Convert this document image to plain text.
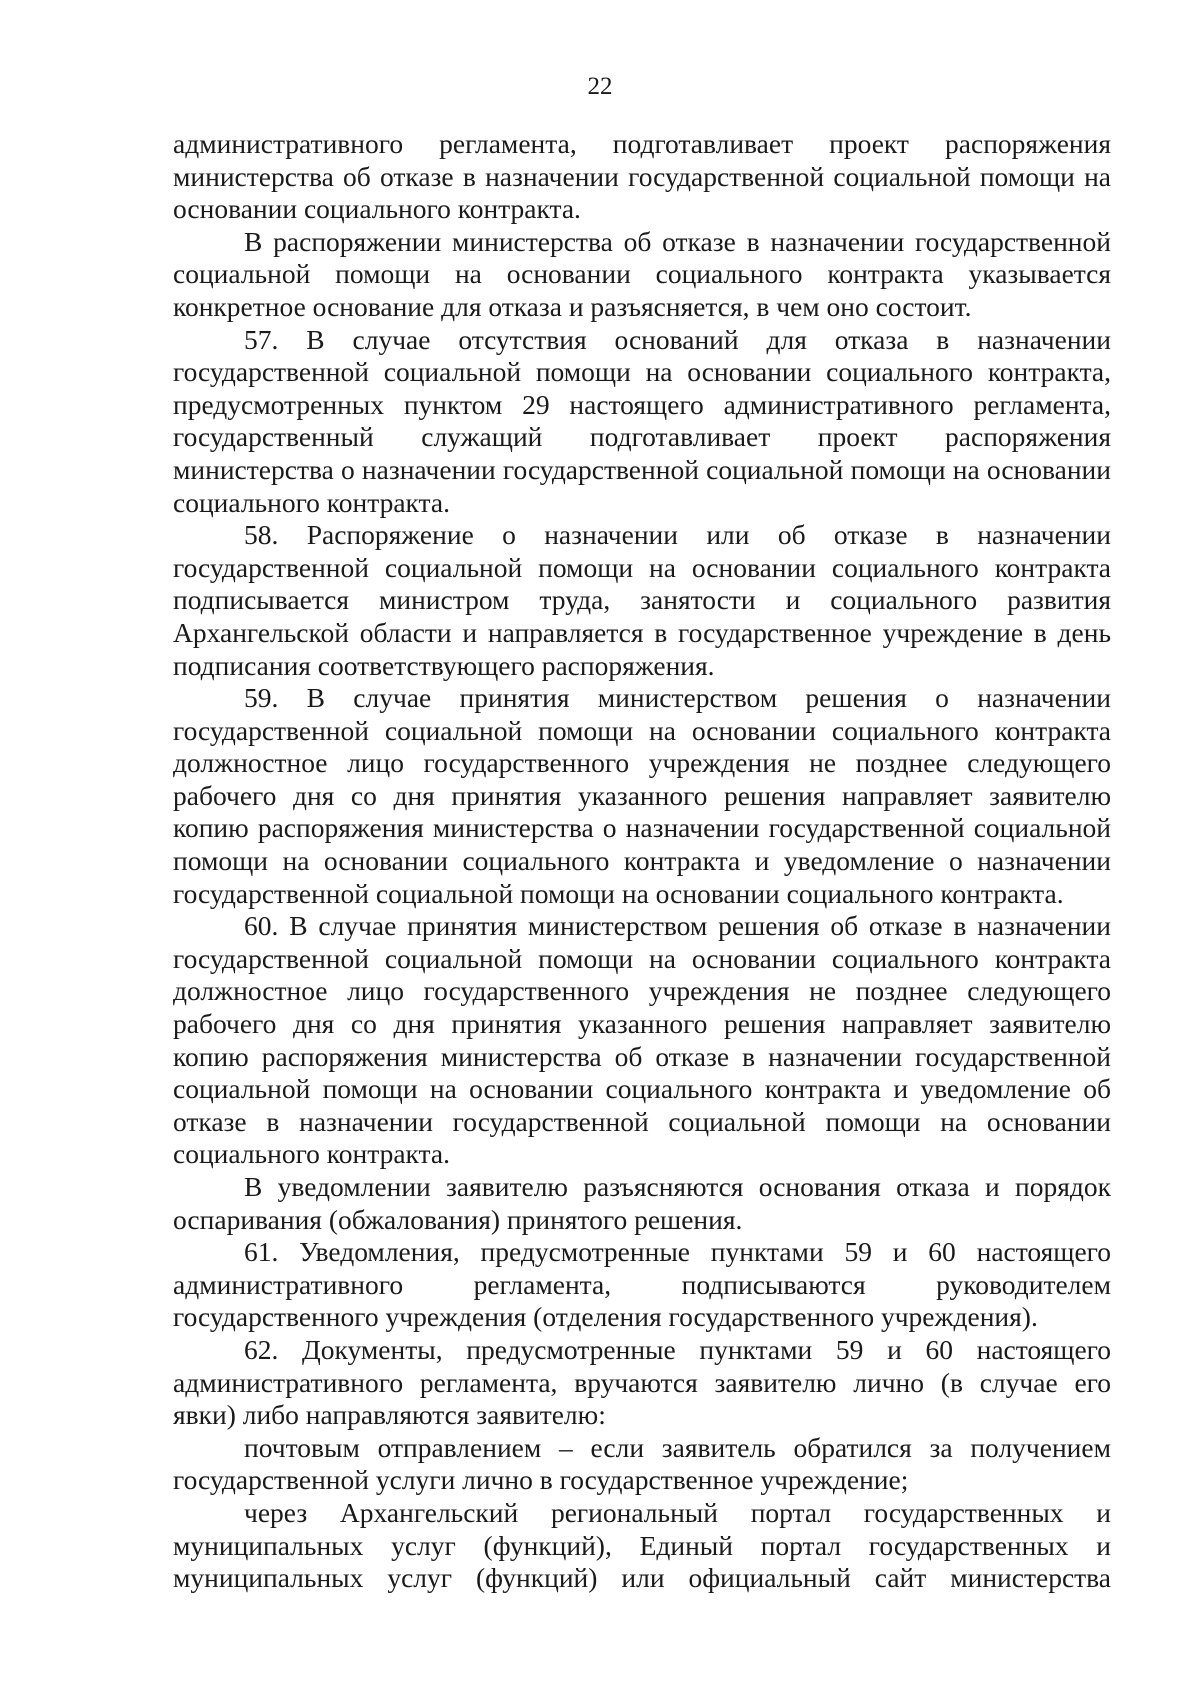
22

административного регламента, подготавливает проект распоряжения министерства об отказе в назначении государственной социальной помощи на основании социального контракта.

В распоряжении министерства об отказе в назначении государственной социальной помощи на основании социального контракта указывается конкретное основание для отказа и разъясняется, в чем оно состоит.

57. В случае отсутствия оснований для отказа в назначении государственной социальной помощи на основании социального контракта, предусмотренных пунктом 29 настоящего административного регламента, государственный служащий подготавливает проект распоряжения министерства о назначении государственной социальной помощи на основании социального контракта.

58. Распоряжение о назначении или об отказе в назначении государственной социальной помощи на основании социального контракта подписывается министром труда, занятости и социального развития Архангельской области и направляется в государственное учреждение в день подписания соответствующего распоряжения.

59. В случае принятия министерством решения о назначении государственной социальной помощи на основании социального контракта должностное лицо государственного учреждения не позднее следующего рабочего дня со дня принятия указанного решения направляет заявителю копию распоряжения министерства о назначении государственной социальной помощи на основании социального контракта и уведомление о назначении государственной социальной помощи на основании социального контракта.

60. В случае принятия министерством решения об отказе в назначении государственной социальной помощи на основании социального контракта должностное лицо государственного учреждения не позднее следующего рабочего дня со дня принятия указанного решения направляет заявителю копию распоряжения министерства об отказе в назначении государственной социальной помощи на основании социального контракта и уведомление об отказе в назначении государственной социальной помощи на основании социального контракта.

В уведомлении заявителю разъясняются основания отказа и порядок оспаривания (обжалования) принятого решения.

61. Уведомления, предусмотренные пунктами 59 и 60 настоящего административного регламента, подписываются руководителем государственного учреждения (отделения государственного учреждения).

62. Документы, предусмотренные пунктами 59 и 60 настоящего административного регламента, вручаются заявителю лично (в случае его явки) либо направляются заявителю:

почтовым отправлением – если заявитель обратился за получением государственной услуги лично в государственное учреждение;

через Архангельский региональный портал государственных и муниципальных услуг (функций), Единый портал государственных и муниципальных услуг (функций) или официальный сайт министерства
